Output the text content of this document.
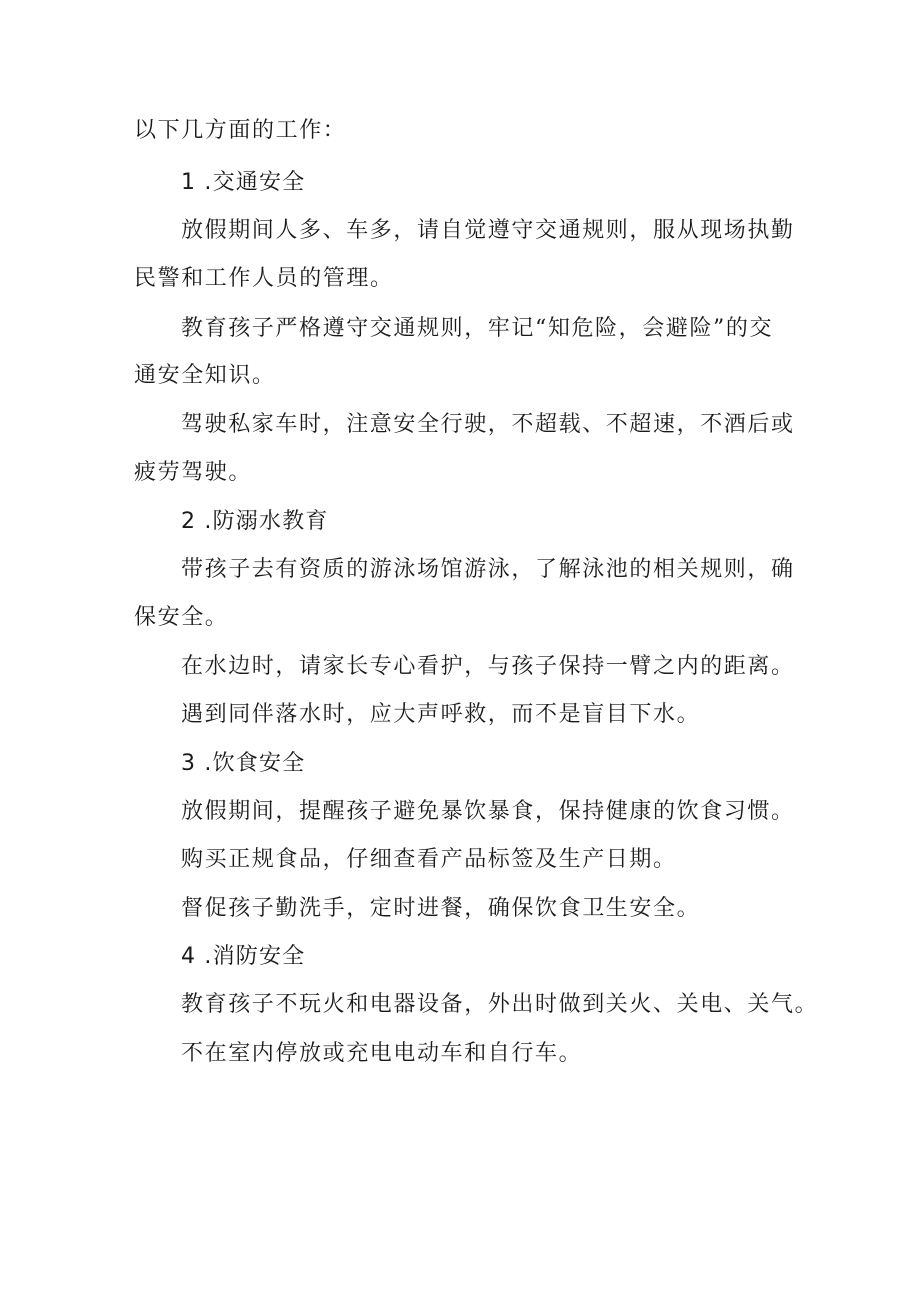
以下几方面的工作：
1 .交通安全
放假期间人多、车多，请自觉遵守交通规则，服从现场执勤
民警和工作人员的管理。
教育孩子严格遵守交通规则，牢记“知危险，会避险”的交
通安全知识。
驾驶私家车时，注意安全行驶，不超载、不超速，不酒后或
疲劳驾驶。
2 .防溺水教育
带孩子去有资质的游泳场馆游泳，了解泳池的相关规则，确
保安全。
在水边时，请家长专心看护，与孩子保持一臂之内的距离。
遇到同伴落水时，应大声呼救，而不是盲目下水。
3 .饮食安全
放假期间，提醒孩子避免暴饮暴食，保持健康的饮食习惯。
购买正规食品，仔细查看产品标签及生产日期。
督促孩子勤洗手，定时进餐，确保饮食卫生安全。
4 .消防安全
教育孩子不玩火和电器设备，外出时做到关火、关电、关气。
不在室内停放或充电电动车和自行车。
